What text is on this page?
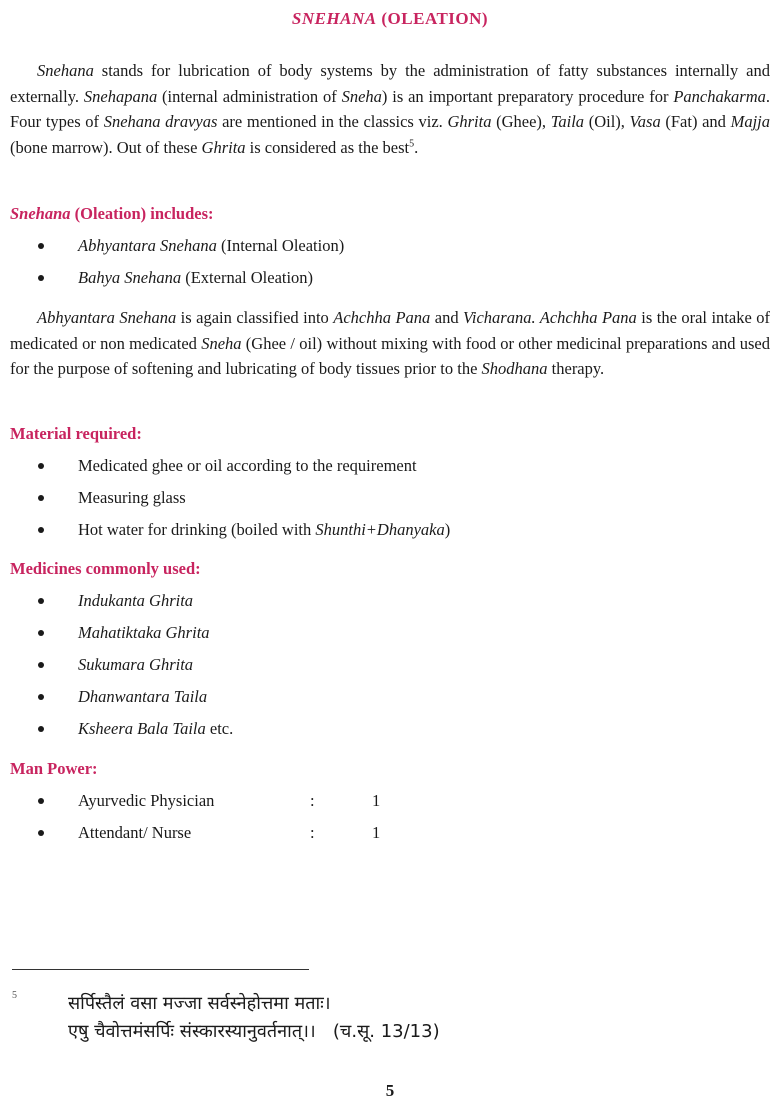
SNEHANA (OLEATION)

Snehana stands for lubrication of body systems by the administration of fatty substances internally and externally. Snehapana (internal administration of Sneha) is an important preparatory procedure for Panchakarma. Four types of Snehana dravyas are mentioned in the classics viz. Ghrita (Ghee), Taila (Oil), Vasa (Fat) and Majja (bone marrow). Out of these Ghrita is considered as the best$^5$.

Snehana (Oleation) includes:
Abhyantara Snehana (Internal Oleation)
Bahya Snehana (External Oleation)

Abhyantara Snehana is again classified into Achchha Pana and Vicharana. Achchha Pana is the oral intake of medicated or non medicated Sneha (Ghee / oil) without mixing with food or other medicinal preparations and used for the purpose of softening and lubricating of body tissues prior to the Shodhana therapy.

Material required:
Medicated ghee or oil according to the requirement
Measuring glass
Hot water for drinking (boiled with Shunthi+Dhanyaka)
Medicines commonly used:
Indukanta Ghrita
Mahatiktaka Ghrita
Sukumara Ghrita
Dhanwantara Taila
Ksheera Bala Taila etc.
Man Power:
Ayurvedic Physician	:	1
Attendant/ Nurse	:	1
5	सर्पिस्तैलं वसा मज्जा सर्वस्नेहोत्तमा मताः।
एषु चैवोत्तमंसर्पिः संस्कारस्यानुवर्तनात्।। (च.सू. 13/13)
5
